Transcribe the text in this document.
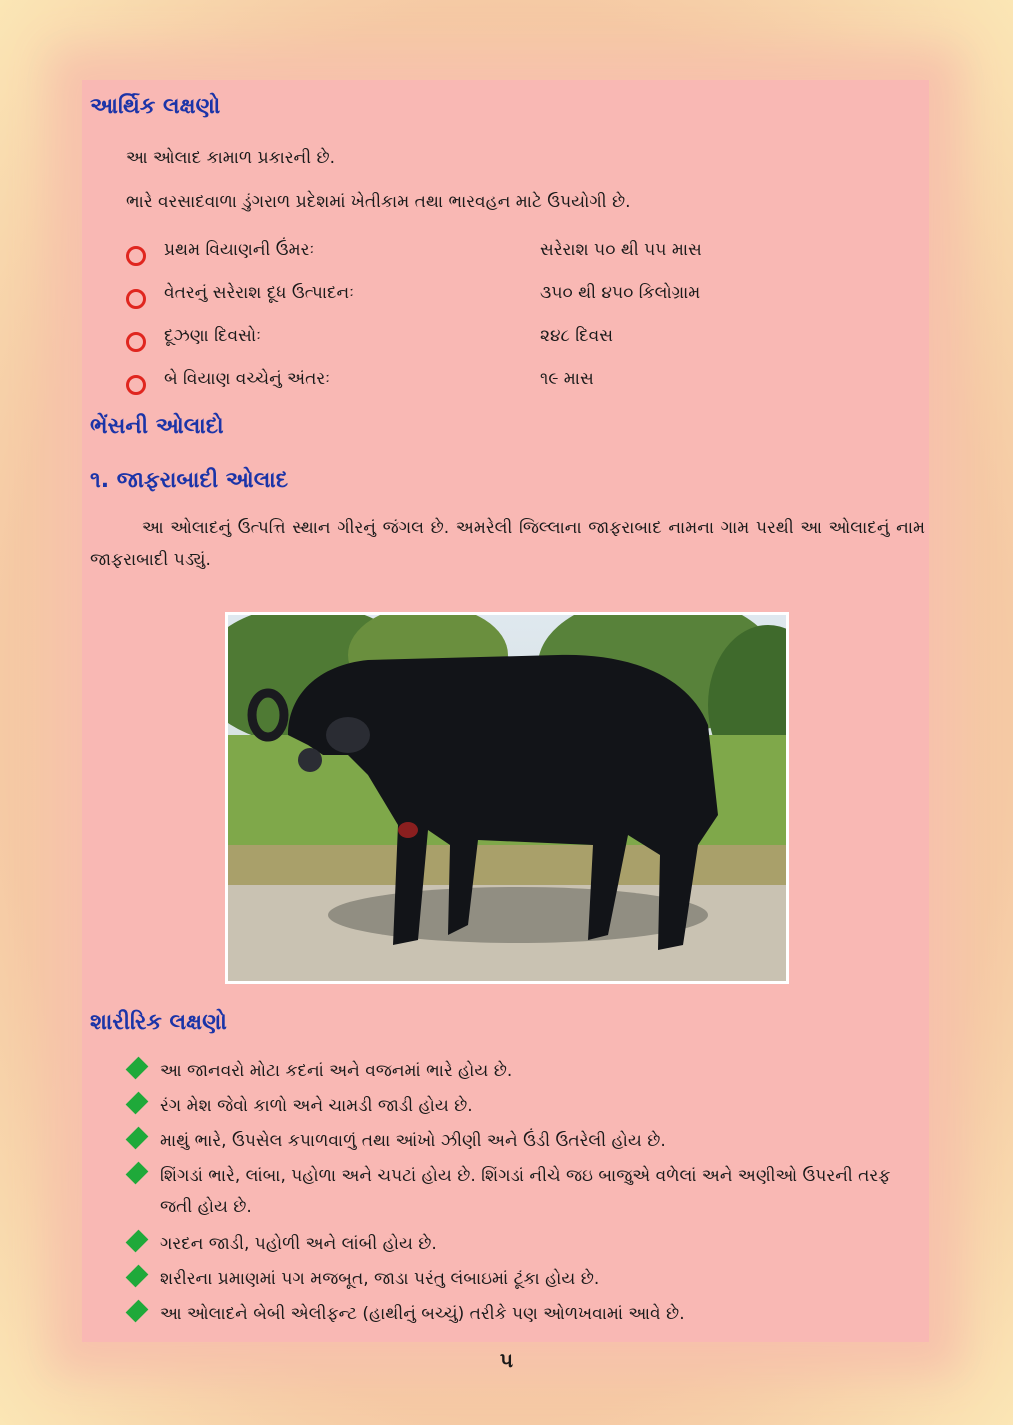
આર્થિક લક્ષણો
આ ઓલાદ કામાળ પ્રકારની છે.
ભારે વરસાદવાળા ડુંગરાળ પ્રદેશમાં ખેતીકામ તથા ભારવહન માટે ઉપયોગી છે.
પ્રથમ વિયાણની ઉંમરઃ	સરેરાશ ૫૦ થી ૫૫ માસ
વેતરનું સરેરાશ દૂધ ઉત્પાદનઃ	૩૫૦ થી ૪૫૦ કિલોગ્રામ
દૂઝણા દિવસોઃ	૨૪૮ દિવસ
બે વિયાણ વચ્ચેનું અંતરઃ	૧૯ માસ
ભેંસની ઓલાદો
૧. જાફરાબાદી ઓલાદ
આ ઓલાદનું ઉત્પત્તિ સ્થાન ગીરનું જંગલ છે. અમરેલી જિલ્લાના જાફરાબાદ નામના ગામ પરથી આ ઓલાદનું નામ જાફરાબાદી પડ્યું.
શારીરિક લક્ષણો
આ જાનવરો મોટા કદનાં અને વજનમાં ભારે હોય છે.
રંગ મેશ જેવો કાળો અને ચામડી જાડી હોય છે.
માથું ભારે, ઉપસેલ કપાળવાળું તથા આંખો ઝીણી અને ઉંડી ઉતરેલી હોય છે.
શિંગડાં ભારે, લાંબા, પહોળા અને ચપટાં હોય છે. શિંગડાં નીચે જઇ બાજુએ વળેલાં અને અણીઓ ઉપરની તરફ જતી હોય છે.
ગરદન જાડી, પહોળી અને લાંબી હોય છે.
શરીરના પ્રમાણમાં પગ મજબૂત, જાડા પરંતુ લંબાઇમાં ટૂંકા હોય છે.
આ ઓલાદને બેબી એલીફન્ટ (હાથીનું બચ્ચું) તરીકે પણ ઓળખવામાં આવે છે.
૫
